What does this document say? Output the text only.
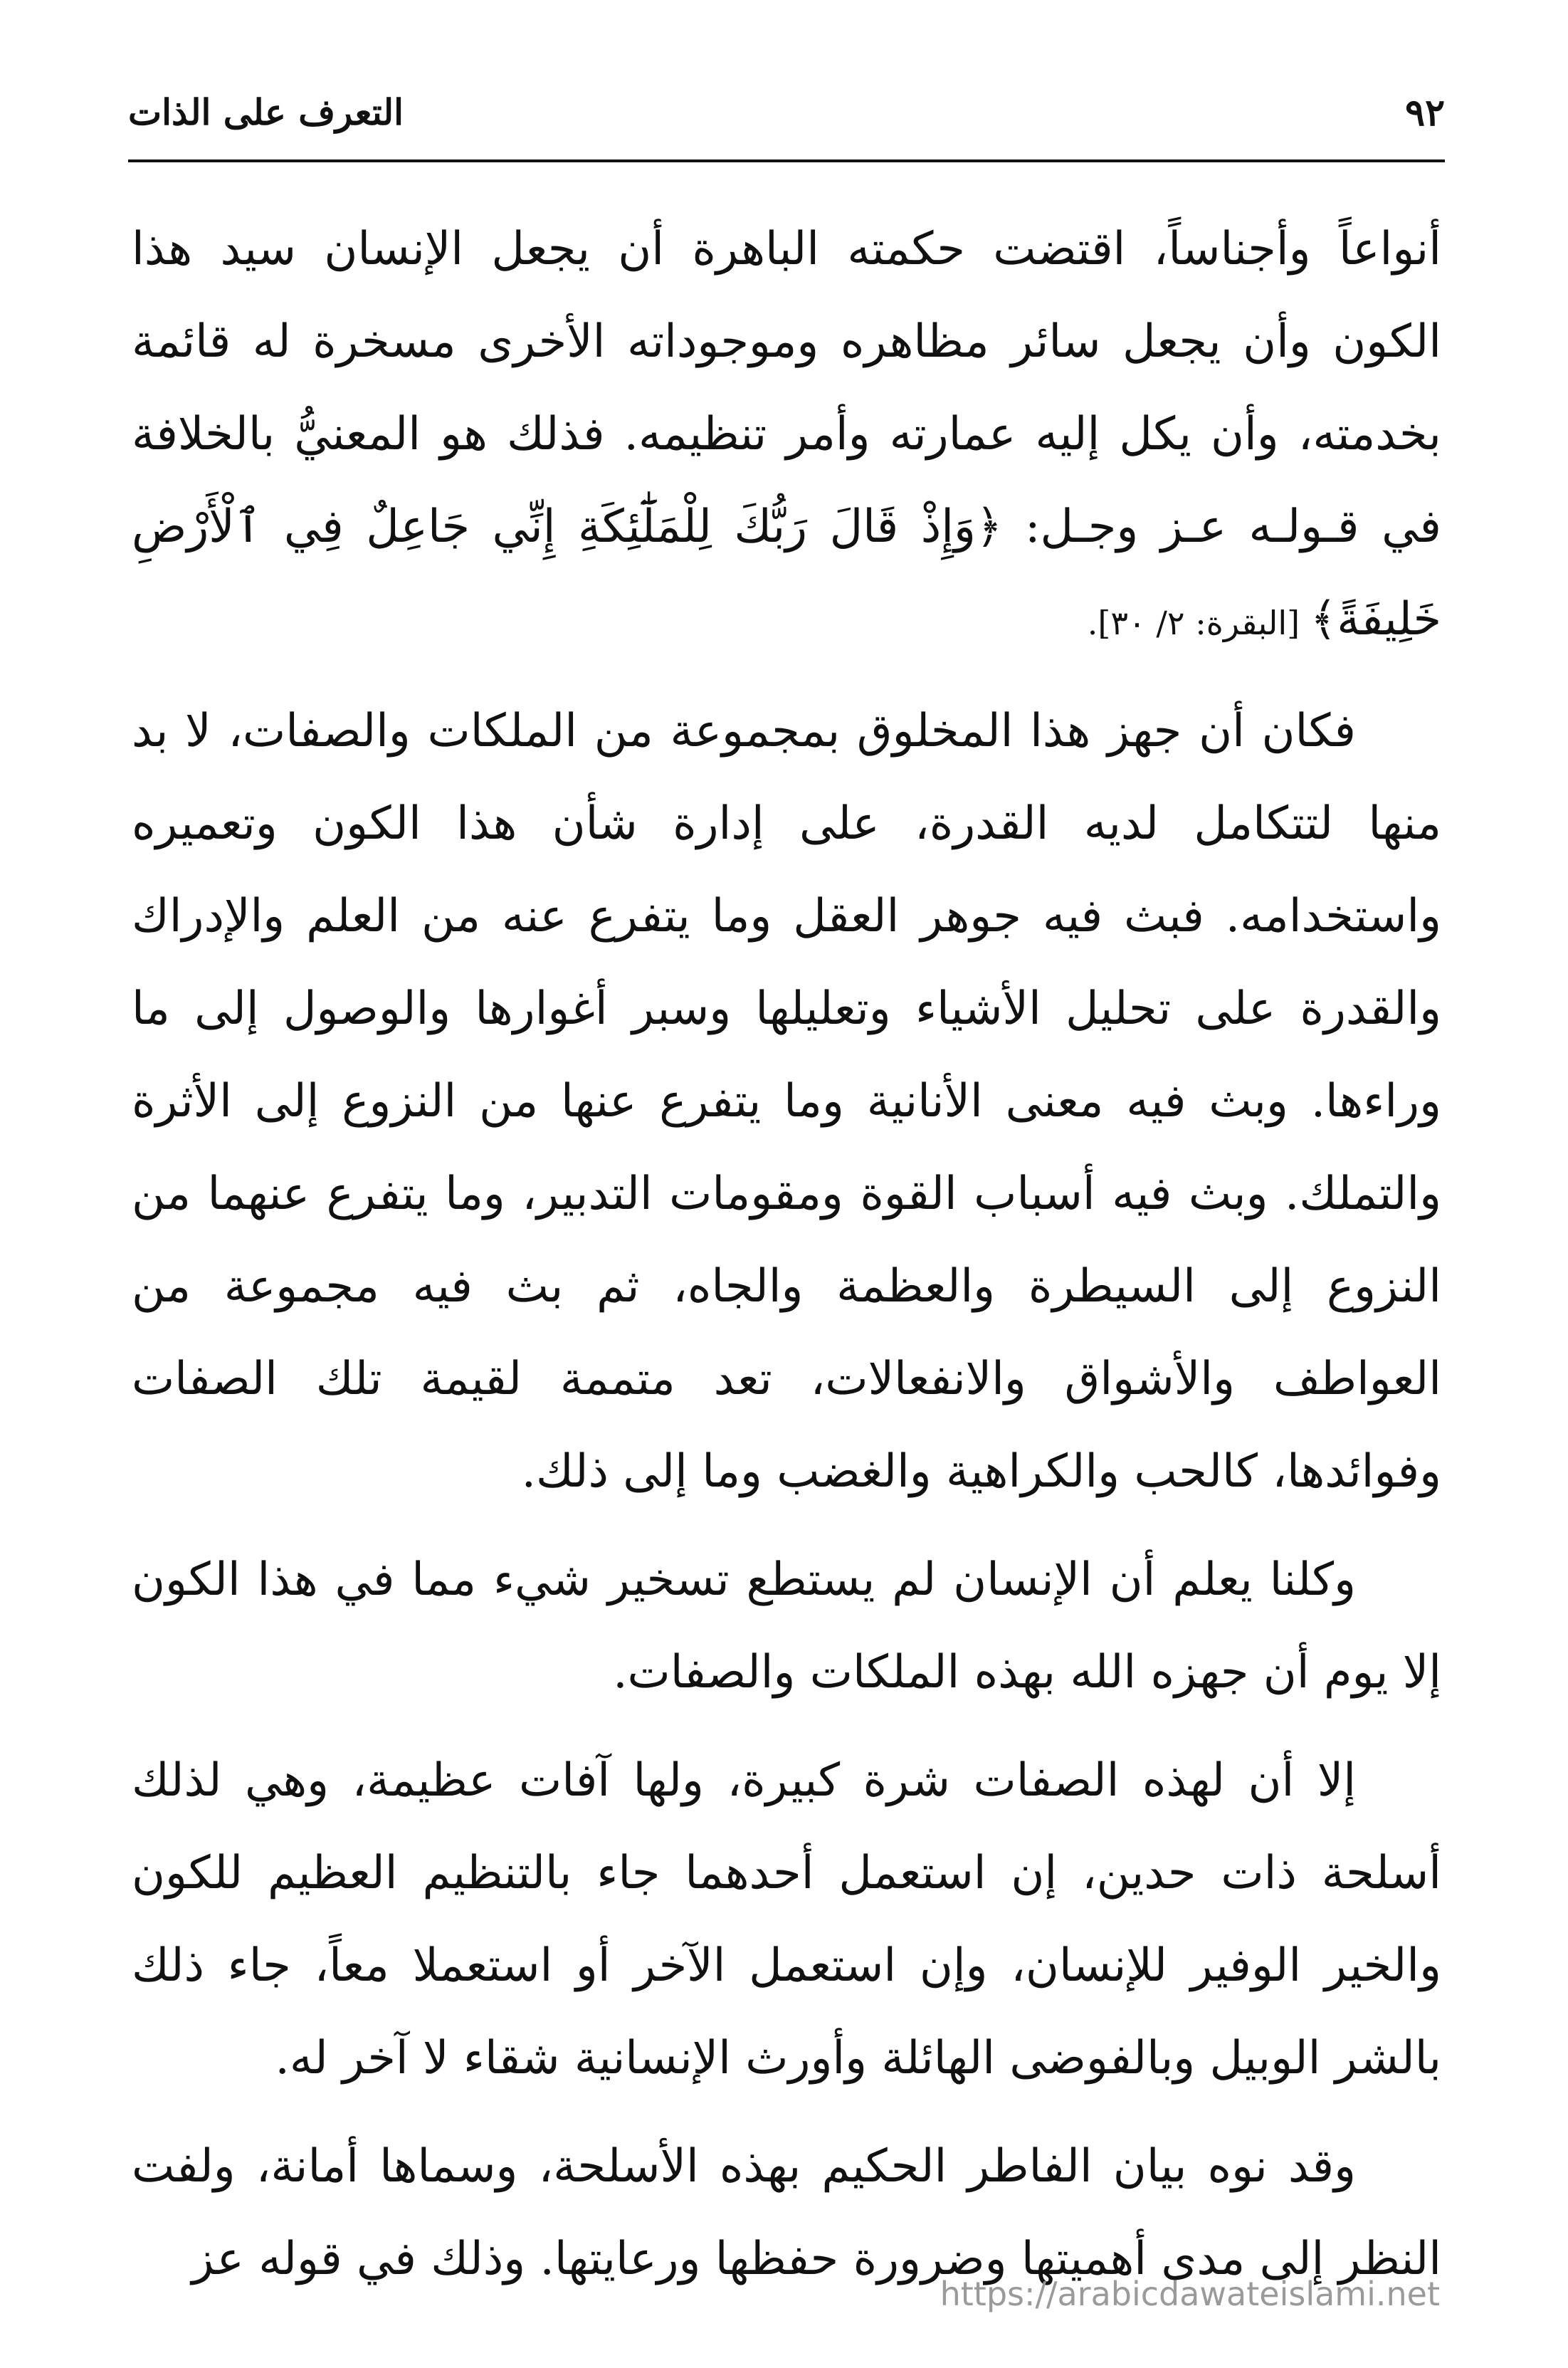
٩٢
التعرف على الذات

أنواعاً وأجناساً، اقتضت حكمته الباهرة أن يجعل الإنسان سيد هذا الكون وأن يجعل سائر مظاهره وموجوداته الأخرى مسخرة له قائمة بخدمته، وأن يكل إليه عمارته وأمر تنظيمه. فذلك هو المعنيُّ بالخلافة في قـولـه عـز وجـل: ﴿وَإِذْ قَالَ رَبُّكَ لِلْمَلَٰٓئِكَةِ إِنِّي جَاعِلٌ فِي ٱلْأَرْضِ خَلِيفَةً﴾ [البقرة: ٢/ ٣٠].

فكان أن جهز هذا المخلوق بمجموعة من الملكات والصفات، لا بد منها لتتكامل لديه القدرة، على إدارة شأن هذا الكون وتعميره واستخدامه. فبث فيه جوهر العقل وما يتفرع عنه من العلم والإدراك والقدرة على تحليل الأشياء وتعليلها وسبر أغوارها والوصول إلى ما وراءها. وبث فيه معنى الأنانية وما يتفرع عنها من النزوع إلى الأثرة والتملك. وبث فيه أسباب القوة ومقومات التدبير، وما يتفرع عنهما من النزوع إلى السيطرة والعظمة والجاه، ثم بث فيه مجموعة من العواطف والأشواق والانفعالات، تعد متممة لقيمة تلك الصفات وفوائدها، كالحب والكراهية والغضب وما إلى ذلك.

وكلنا يعلم أن الإنسان لم يستطع تسخير شيء مما في هذا الكون إلا يوم أن جهزه الله بهذه الملكات والصفات.

إلا أن لهذه الصفات شرة كبيرة، ولها آفات عظيمة، وهي لذلك أسلحة ذات حدين، إن استعمل أحدهما جاء بالتنظيم العظيم للكون والخير الوفير للإنسان، وإن استعمل الآخر أو استعملا معاً، جاء ذلك بالشر الوبيل وبالفوضى الهائلة وأورث الإنسانية شقاء لا آخر له.

وقد نوه بيان الفاطر الحكيم بهذه الأسلحة، وسماها أمانة، ولفت النظر إلى مدى أهميتها وضرورة حفظها ورعايتها. وذلك في قوله عز

https://arabicdawateislami.net
